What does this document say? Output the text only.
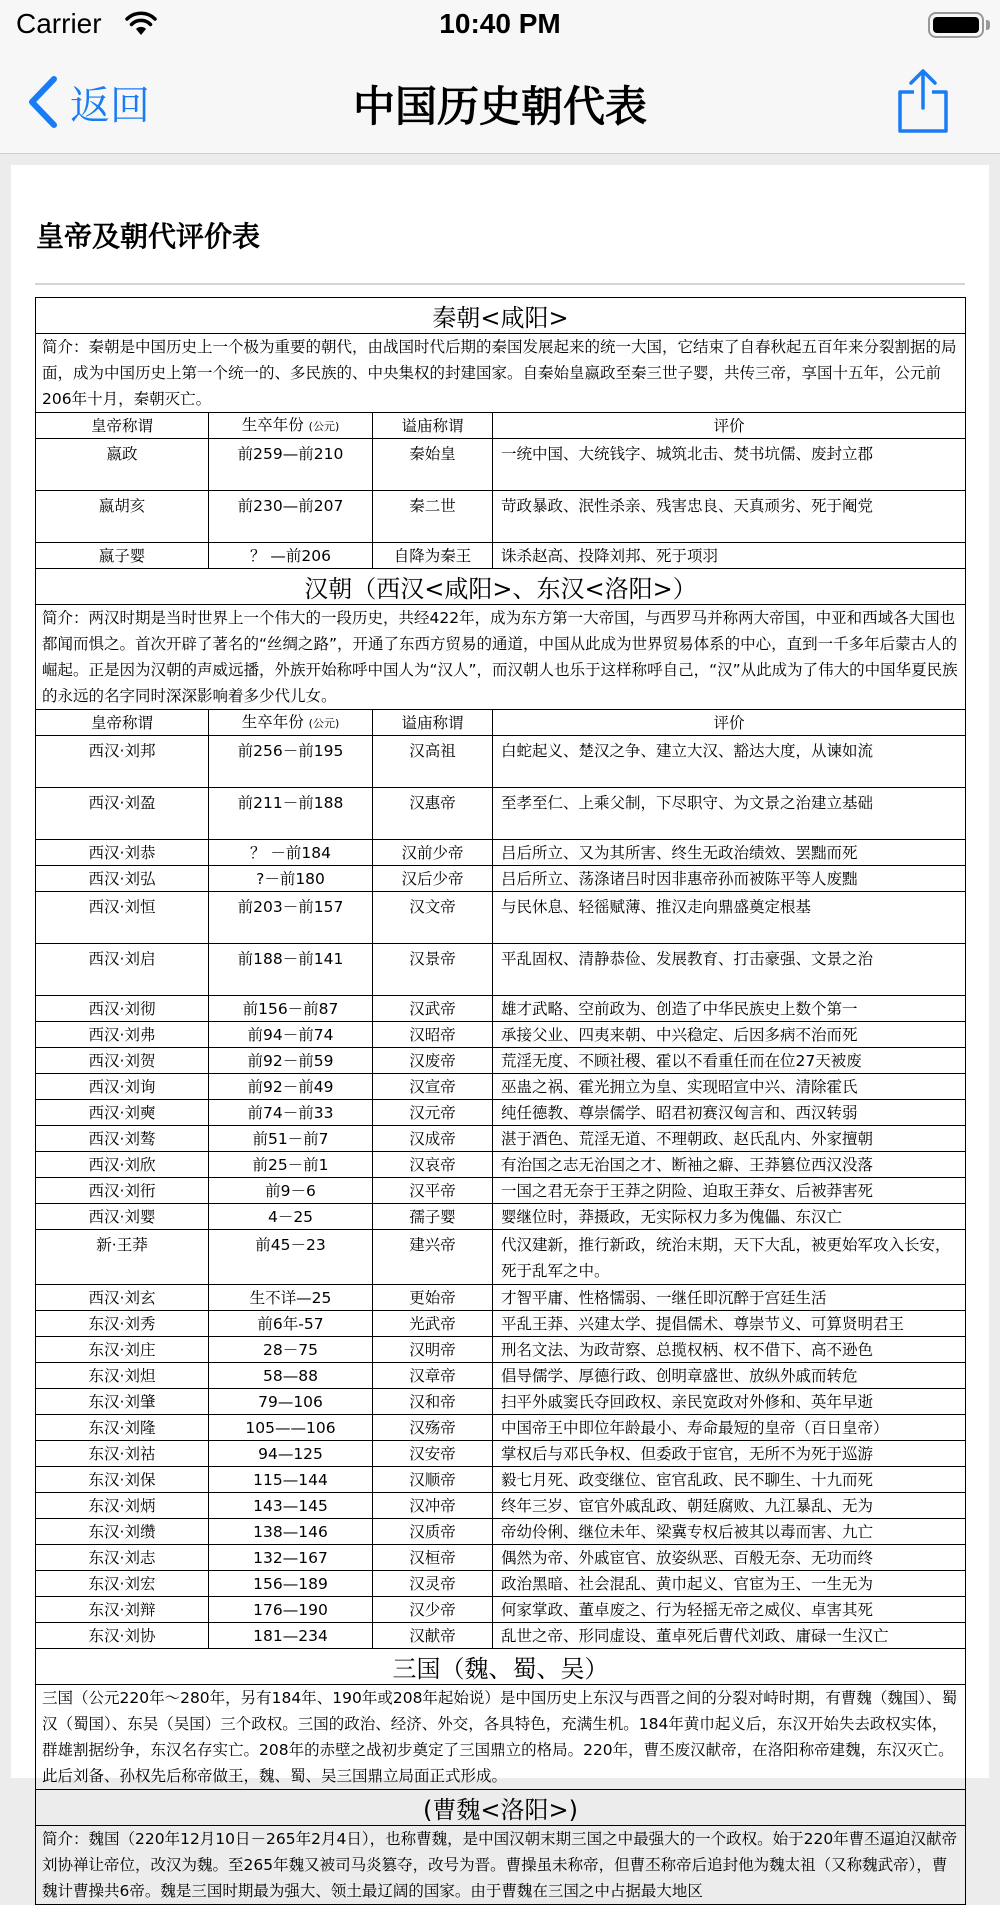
Carrier	10:40 PM
返回	中国历史朝代表
皇帝及朝代评价表
秦朝<咸阳>			
简介：秦朝是中国历史上一个极为重要的朝代，由战国时代后期的秦国发展起来的统一大国，它结束了自春秋起五百年来分裂割据的局面，成为中国历史上第一个统一的、多民族的、中央集权的封建国家。自秦始皇嬴政至秦三世子婴，共传三帝，享国十五年，公元前206年十月，秦朝灭亡。			
皇帝称谓	生卒年份 (公元)	谥庙称谓	评价
嬴政	前259—前210	秦始皇	一统中国、大统钱字、城筑北击、焚书坑儒、废封立郡
嬴胡亥	前230—前207	秦二世	苛政暴政、泯性杀亲、残害忠良、天真顽劣、死于阉党
嬴子婴	？ —前206	自降为秦王	诛杀赵高、投降刘邦、死于项羽
汉朝（西汉<咸阳>、东汉<洛阳>）			
简介：两汉时期是当时世界上一个伟大的一段历史，共经422年，成为东方第一大帝国，与西罗马并称两大帝国，中亚和西域各大国也都闻而惧之。首次开辟了著名的“丝绸之路”，开通了东西方贸易的通道，中国从此成为世界贸易体系的中心，直到一千多年后蒙古人的崛起。正是因为汉朝的声威远播，外族开始称呼中国人为“汉人”，而汉朝人也乐于这样称呼自己，“汉”从此成为了伟大的中国华夏民族的永远的名字同时深深影响着多少代儿女。			
皇帝称谓	生卒年份 (公元)	谥庙称谓	评价
西汉·刘邦	前256－前195	汉高祖	白蛇起义、楚汉之争、建立大汉、豁达大度，从谏如流
西汉·刘盈	前211－前188	汉惠帝	至孝至仁、上乘父制，下尽职守、为文景之治建立基础
西汉·刘恭	？ －前184	汉前少帝	吕后所立、又为其所害、终生无政治绩效、罢黜而死
西汉·刘弘	?－前180	汉后少帝	吕后所立、荡涤诸吕时因非惠帝孙而被陈平等人废黜
西汉·刘恒	前203－前157	汉文帝	与民休息、轻徭赋薄、推汉走向鼎盛奠定根基
西汉·刘启	前188－前141	汉景帝	平乱固权、清静恭俭、发展教育、打击豪强、文景之治
西汉·刘彻	前156－前87	汉武帝	雄才武略、空前政为、创造了中华民族史上数个第一
西汉·刘弗	前94－前74	汉昭帝	承接父业、四夷来朝、中兴稳定、后因多病不治而死
西汉·刘贺	前92－前59	汉废帝	荒淫无度、不顾社稷、霍以不看重任而在位27天被废
西汉·刘询	前92－前49	汉宣帝	巫蛊之祸、霍光拥立为皇、实现昭宣中兴、清除霍氏
西汉·刘奭	前74－前33	汉元帝	纯任德教、尊崇儒学、昭君初赛汉匈言和、西汉转弱
西汉·刘骜	前51－前7	汉成帝	湛于酒色、荒淫无道、不理朝政、赵氏乱内、外家擅朝
西汉·刘欣	前25－前1	汉哀帝	有治国之志无治国之才、断袖之癖、王莽篡位西汉没落
西汉·刘衎	前9－6	汉平帝	一国之君无奈于王莽之阴险、迫取王莽女、后被莽害死
西汉·刘婴	4－25	孺子婴	婴继位时，莽摄政，无实际权力多为傀儡、东汉亡
新·王莽	前45－23	建兴帝	代汉建新，推行新政，统治末期，天下大乱，被更始军攻入长安，死于乱军之中。
西汉·刘玄	生不详—25	更始帝	才智平庸、性格懦弱、一继任即沉醉于宫廷生活
东汉·刘秀	前6年-57	光武帝	平乱王莽、兴建太学、提倡儒术、尊崇节义、可算贤明君王
东汉·刘庄	28－75	汉明帝	刑名文法、为政苛察、总揽权柄、权不借下、高不逊色
东汉·刘炟	58—88	汉章帝	倡导儒学、厚德行政、创明章盛世、放纵外戚而转危
东汉·刘肇	79—106	汉和帝	扫平外戚窦氏夺回政权、亲民宽政对外修和、英年早逝
东汉·刘隆	105——106	汉殇帝	中国帝王中即位年龄最小、寿命最短的皇帝（百日皇帝）
东汉·刘祜	94—125	汉安帝	掌权后与邓氏争权、但委政于宦官，无所不为死于巡游
东汉·刘保	115—144	汉顺帝	毅七月死、政变继位、宦官乱政、民不聊生、十九而死
东汉·刘炳	143—145	汉冲帝	终年三岁、宦官外戚乱政、朝廷腐败、九江暴乱、无为
东汉·刘缵	138—146	汉质帝	帝幼伶俐、继位未年、梁冀专权后被其以毒而害、九亡
东汉·刘志	132—167	汉桓帝	偶然为帝、外戚宦官、放姿纵恶、百般无奈、无功而终
东汉·刘宏	156—189	汉灵帝	政治黑暗、社会混乱、黄巾起义、官宦为王、一生无为
东汉·刘辩	176—190	汉少帝	何家掌政、董卓废之、行为轻摇无帝之威仪、卓害其死
东汉·刘协	181—234	汉献帝	乱世之帝、形同虚设、董卓死后曹代刘政、庸碌一生汉亡
三国（魏、蜀、吴）			
三国（公元220年～280年，另有184年、190年或208年起始说）是中国历史上东汉与西晋之间的分裂对峙时期，有曹魏（魏国）、蜀汉（蜀国）、东吴（吴国）三个政权。三国的政治、经济、外交，各具特色，充满生机。184年黄巾起义后，东汉开始失去政权实体，群雄割据纷争，东汉名存实亡。208年的赤壁之战初步奠定了三国鼎立的格局。220年，曹丕废汉献帝，在洛阳称帝建魏，东汉灭亡。此后刘备、孙权先后称帝做王，魏、蜀、吴三国鼎立局面正式形成。			
(曹魏<洛阳>)			
简介：魏国（220年12月10日－265年2月4日），也称曹魏，是中国汉朝末期三国之中最强大的一个政权。始于220年曹丕逼迫汉献帝刘协禅让帝位，改汉为魏。至265年魏又被司马炎篡夺，改号为晋。曹操虽未称帝，但曹丕称帝后追封他为魏太祖（又称魏武帝），曹魏计曹操共6帝。魏是三国时期最为强大、领土最辽阔的国家。由于曹魏在三国之中占据最大地区			
